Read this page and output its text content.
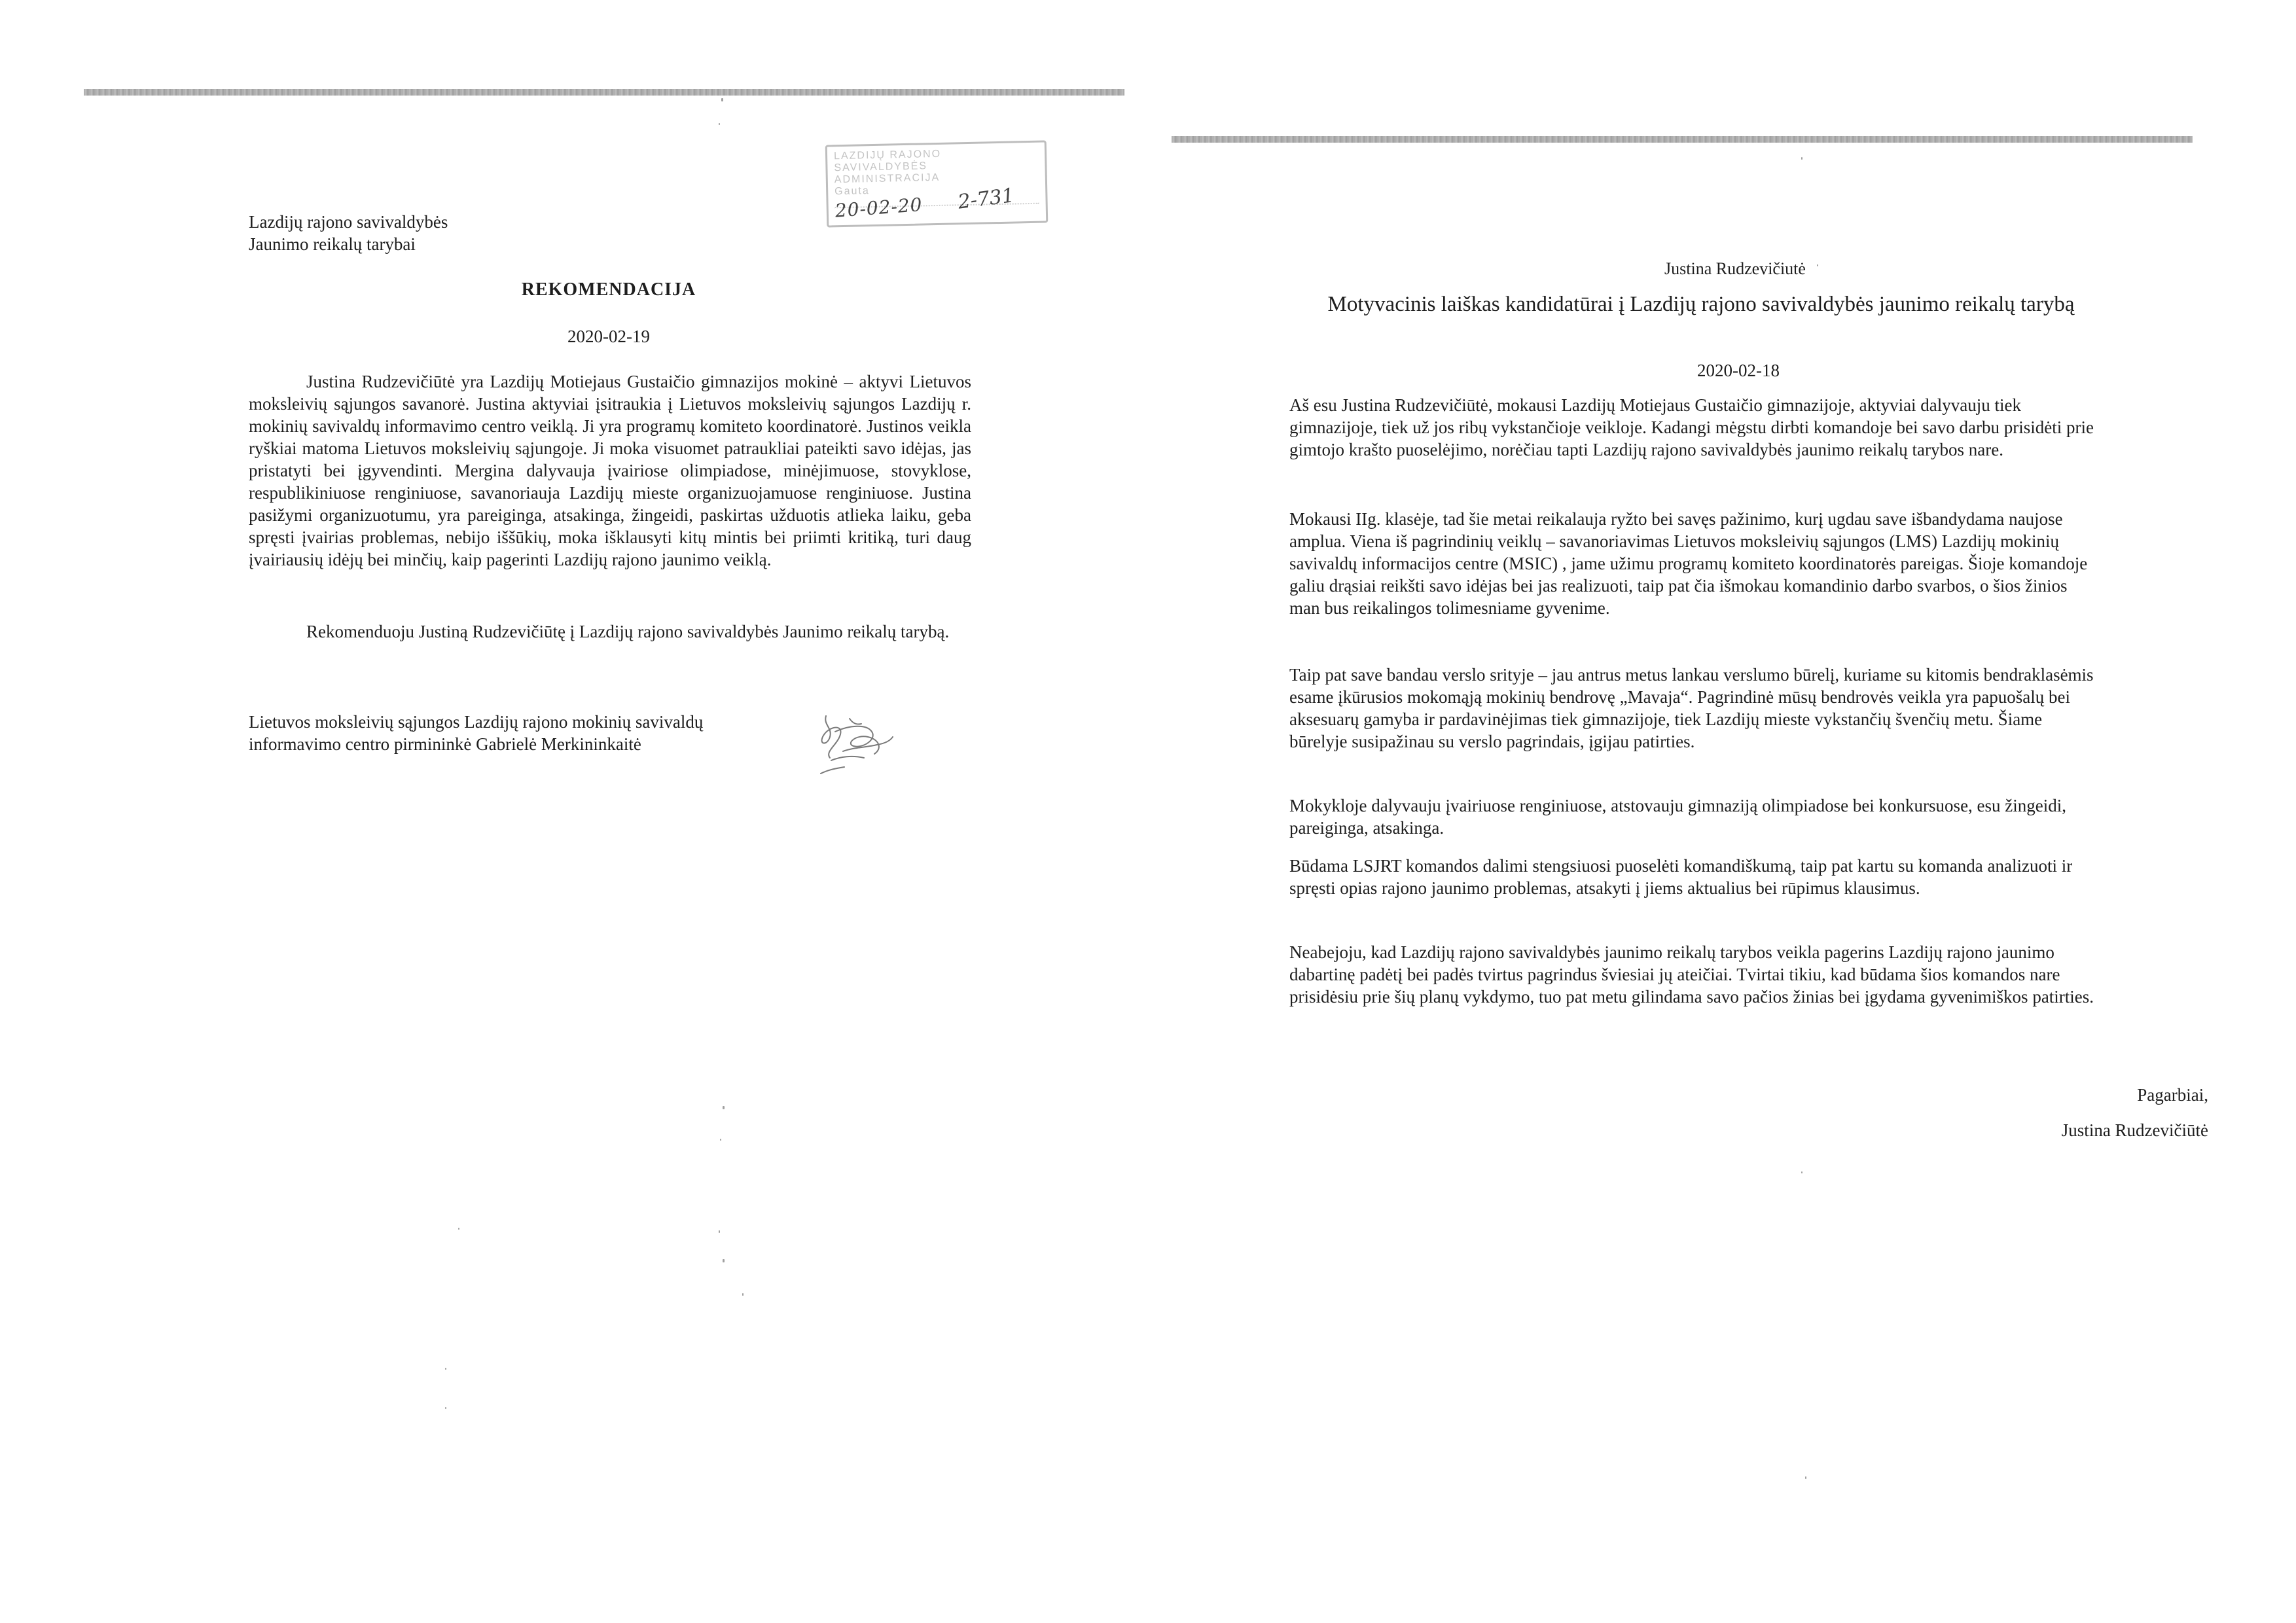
Lazdijų rajono savivaldybės
Jaunimo reikalų tarybai
LAZDIJŲ RAJONO SAVIVALDYBĖS
ADMINISTRACIJA
Gauta
20-02-20 2-731
REKOMENDACIJA
2020-02-19

Justina Rudzevičiūtė yra Lazdijų Motiejaus Gustaičio gimnazijos mokinė – aktyvi Lietuvos moksleivių sąjungos savanorė. Justina aktyviai įsitraukia į Lietuvos moksleivių sąjungos Lazdijų r. mokinių savivaldų informavimo centro veiklą. Ji yra programų komiteto koordinatorė. Justinos veikla ryškiai matoma Lietuvos moksleivių sąjungoje. Ji moka visuomet patraukliai pateikti savo idėjas, jas pristatyti bei įgyvendinti. Mergina dalyvauja įvairiose olimpiadose, minėjimuose, stovyklose, respublikiniuose renginiuose, savanoriauja Lazdijų mieste organizuojamuose renginiuose. Justina pasižymi organizuotumu, yra pareiginga, atsakinga, žingeidi, paskirtas užduotis atlieka laiku, geba spręsti įvairias problemas, nebijo iššūkių, moka išklausyti kitų mintis bei priimti kritiką, turi daug įvairiausių idėjų bei minčių, kaip pagerinti Lazdijų rajono jaunimo veiklą.

Rekomenduoju Justiną Rudzevičiūtę į Lazdijų rajono savivaldybės Jaunimo reikalų tarybą.

Lietuvos moksleivių sąjungos Lazdijų rajono mokinių savivaldų
informavimo centro pirmininkė Gabrielė Merkininkaitė
Justina Rudzevičiutė
Motyvacinis laiškas kandidatūrai į Lazdijų rajono savivaldybės jaunimo reikalų tarybą
2020-02-18

Aš esu Justina Rudzevičiūtė, mokausi Lazdijų Motiejaus Gustaičio gimnazijoje, aktyviai dalyvauju tiek gimnazijoje, tiek už jos ribų vykstančioje veikloje. Kadangi mėgstu dirbti komandoje bei savo darbu prisidėti prie gimtojo krašto puoselėjimo, norėčiau tapti Lazdijų rajono savivaldybės jaunimo reikalų tarybos nare.

Mokausi IIg. klasėje, tad šie metai reikalauja ryžto bei savęs pažinimo, kurį ugdau save išbandydama naujose amplua. Viena iš pagrindinių veiklų – savanoriavimas Lietuvos moksleivių sąjungos (LMS) Lazdijų mokinių savivaldų informacijos centre (MSIC) , jame užimu programų komiteto koordinatorės pareigas. Šioje komandoje galiu drąsiai reikšti savo idėjas bei jas realizuoti, taip pat čia išmokau komandinio darbo svarbos, o šios žinios man bus reikalingos tolimesniame gyvenime.

Taip pat save bandau verslo srityje – jau antrus metus lankau verslumo būrelį, kuriame su kitomis bendraklasėmis esame įkūrusios mokomąją mokinių bendrovę „Mavaja“. Pagrindinė mūsų bendrovės veikla yra papuošalų bei aksesuarų gamyba ir pardavinėjimas tiek gimnazijoje, tiek Lazdijų mieste vykstančių švenčių metu. Šiame būrelyje susipažinau su verslo pagrindais, įgijau patirties.

Mokykloje dalyvauju įvairiuose renginiuose, atstovauju gimnaziją olimpiadose bei konkursuose, esu žingeidi, pareiginga, atsakinga.

Būdama LSJRT komandos dalimi stengsiuosi puoselėti komandiškumą, taip pat kartu su komanda analizuoti ir spręsti opias rajono jaunimo problemas, atsakyti į jiems aktualius bei rūpimus klausimus.

Neabejoju, kad Lazdijų rajono savivaldybės jaunimo reikalų tarybos veikla pagerins Lazdijų rajono jaunimo dabartinę padėtį bei padės tvirtus pagrindus šviesiai jų ateičiai. Tvirtai tikiu, kad būdama šios komandos nare prisidėsiu prie šių planų vykdymo, tuo pat metu gilindama savo pačios žinias bei įgydama gyvenimiškos patirties.

Pagarbiai,
Justina Rudzevičiūtė
